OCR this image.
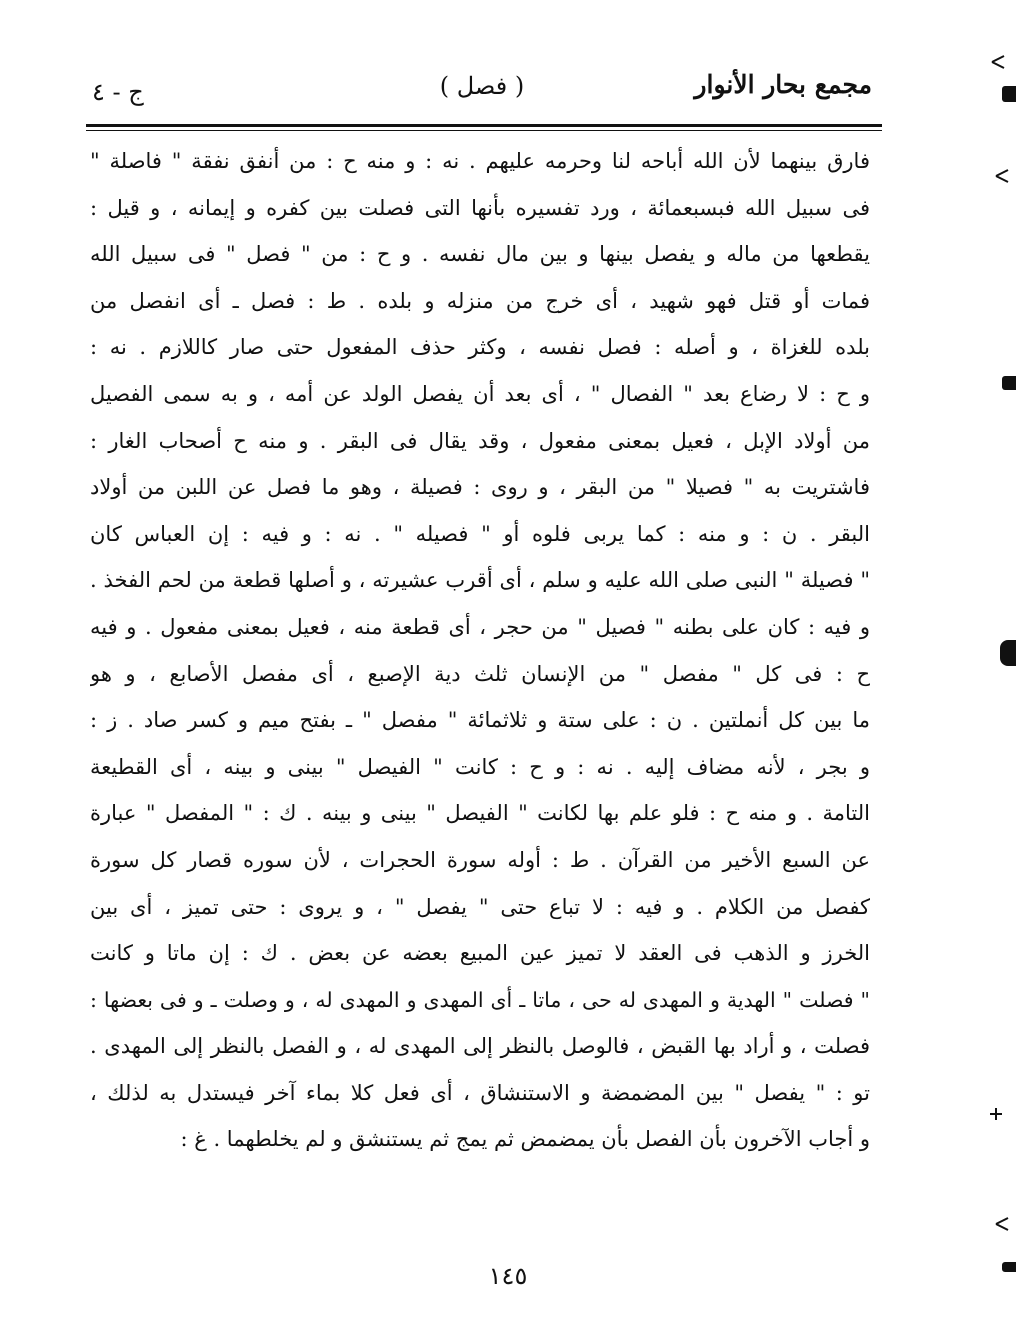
مجمع بحار الأنوار
( فصل )
ج - ٤
فارق بينهما لأن الله أباحه لنا وحرمه عليهم . نه : و منه ح : من أنفق نفقة " فاصلة "
فى سبيل الله فبسبعمائة ، ورد تفسيره بأنها التى فصلت بين كفره و إيمانه ، و قيل :
يقطعها من ماله و يفصل بينها و بين مال نفسه . و ح : من " فصل " فى سبيل الله
فمات أو قتل فهو شهيد ، أى خرج من منزله و بلده . ط : فصل ـ أى انفصل من
بلده للغزاة ، و أصله : فصل نفسه ، وكثر حذف المفعول حتى صار كاللازم . نه :
و ح : لا رضاع بعد " الفصال " ، أى بعد أن يفصل الولد عن أمه ، و به سمى الفصيل
من أولاد الإبل ، فعيل بمعنى مفعول ، وقد يقال فى البقر . و منه ح أصحاب الغار :
فاشتريت به " فصيلا " من البقر ، و روى : فصيلة ، وهو ما فصل عن اللبن من أولاد
البقر . ن : و منه : كما يربى فلوه أو " فصيله " . نه : و فيه : إن العباس كان
" فصيلة " النبى صلى الله عليه و سلم ، أى أقرب عشيرته ، و أصلها قطعة من لحم الفخذ .
و فيه : كان على بطنه " فصيل " من حجر ، أى قطعة منه ، فعيل بمعنى مفعول . و فيه
ح : فى كل " مفصل " من الإنسان ثلث دية الإصبع ، أى مفصل الأصابع ، و هو
ما بين كل أنملتين . ن : على ستة و ثلاثمائة " مفصل " ـ بفتح ميم و كسر صاد . ز :
و بجر ، لأنه مضاف إليه . نه : و ح : كانت " الفيصل " بينى و بينه ، أى القطيعة
التامة . و منه ح : فلو علم بها لكانت " الفيصل " بينى و بينه . ك : " المفصل " عبارة
عن السبع الأخير من القرآن . ط : أوله سورة الحجرات ، لأن سوره قصار كل سورة
كفصل من الكلام . و فيه : لا تباع حتى " يفصل " ، و يروى : حتى تميز ، أى بين
الخرز و الذهب فى العقد لا تميز عين المبيع بعضه عن بعض . ك : إن ماتا و كانت
" فصلت " الهدية و المهدى له حى ، ماتا ـ أى المهدى و المهدى له ، و وصلت ـ و فى بعضها :
فصلت ، و أراد بها القبض ، فالوصل بالنظر إلى المهدى له ، و الفصل بالنظر إلى المهدى .
تو : " يفصل " بين المضمضة و الاستنشاق ، أى فعل كلا بماء آخر فيستدل به لذلك ،
و أجاب الآخرون بأن الفصل بأن يمضمض ثم يمج ثم يستنشق و لم يخلطهما . غ :
١٤٥
